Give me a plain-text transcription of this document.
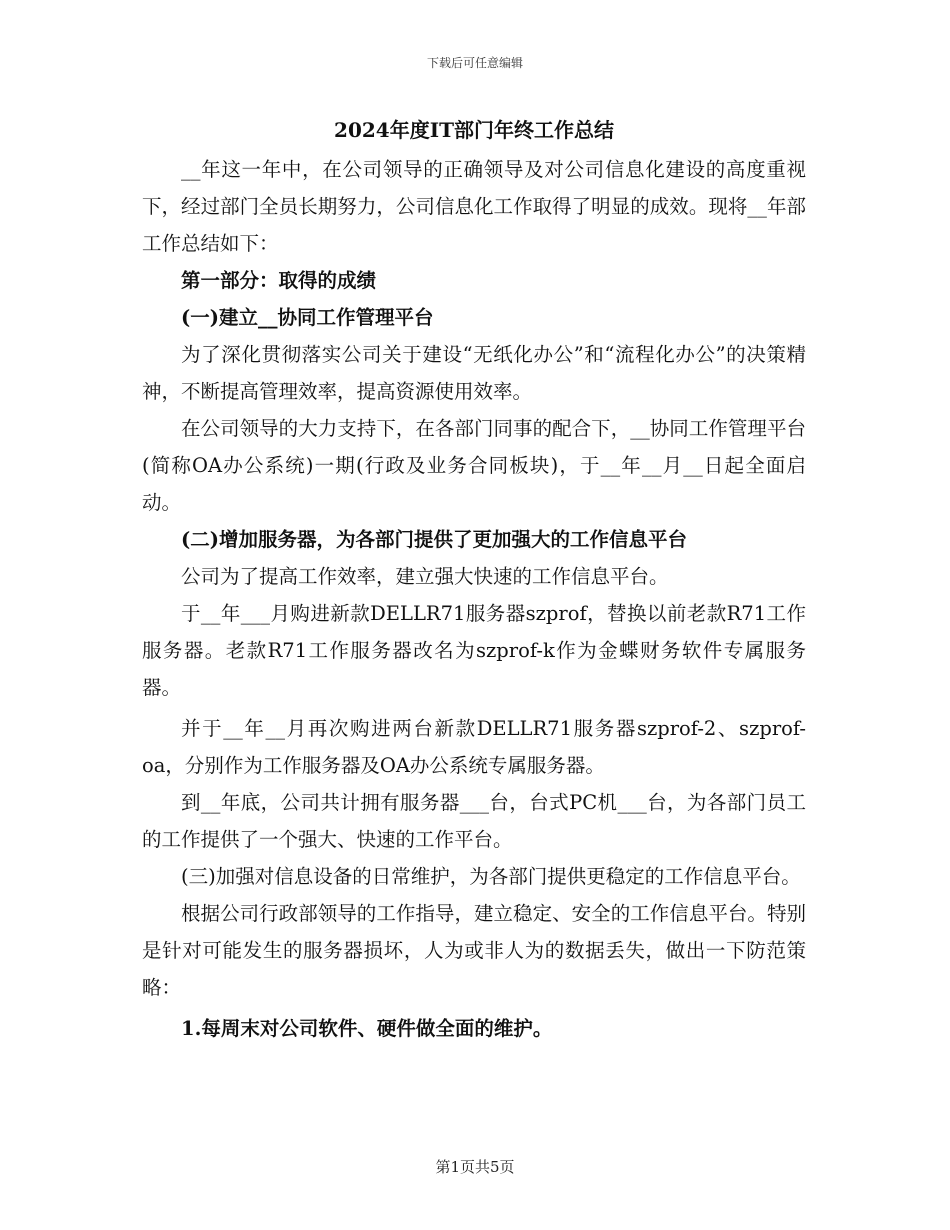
下载后可任意编辑
2024年度IT部门年终工作总结

__年这一年中，在公司领导的正确领导及对公司信息化建设的高度重视下，经过部门全员长期努力，公司信息化工作取得了明显的成效。现将__年部工作总结如下：

第一部分：取得的成绩

(一)建立__协同工作管理平台

为了深化贯彻落实公司关于建设“无纸化办公”和“流程化办公”的决策精神，不断提高管理效率，提高资源使用效率。

在公司领导的大力支持下，在各部门同事的配合下，__协同工作管理平台(简称OA办公系统)一期(行政及业务合同板块)，于__年__月__日起全面启动。

(二)增加服务器，为各部门提供了更加强大的工作信息平台

公司为了提高工作效率，建立强大快速的工作信息平台。

于__年___月购进新款DELLR71服务器szprof，替换以前老款R71工作服务器。老款R71工作服务器改名为szprof-k作为金蝶财务软件专属服务器。

并于__年__月再次购进两台新款DELLR71服务器szprof-2、szprof-oa，分别作为工作服务器及OA办公系统专属服务器。

到__年底，公司共计拥有服务器___台，台式PC机___台，为各部门员工的工作提供了一个强大、快速的工作平台。

(三)加强对信息设备的日常维护，为各部门提供更稳定的工作信息平台。

根据公司行政部领导的工作指导，建立稳定、安全的工作信息平台。特别是针对可能发生的服务器损坏，人为或非人为的数据丢失，做出一下防范策略：

1.每周末对公司软件、硬件做全面的维护。

第1页共5页
